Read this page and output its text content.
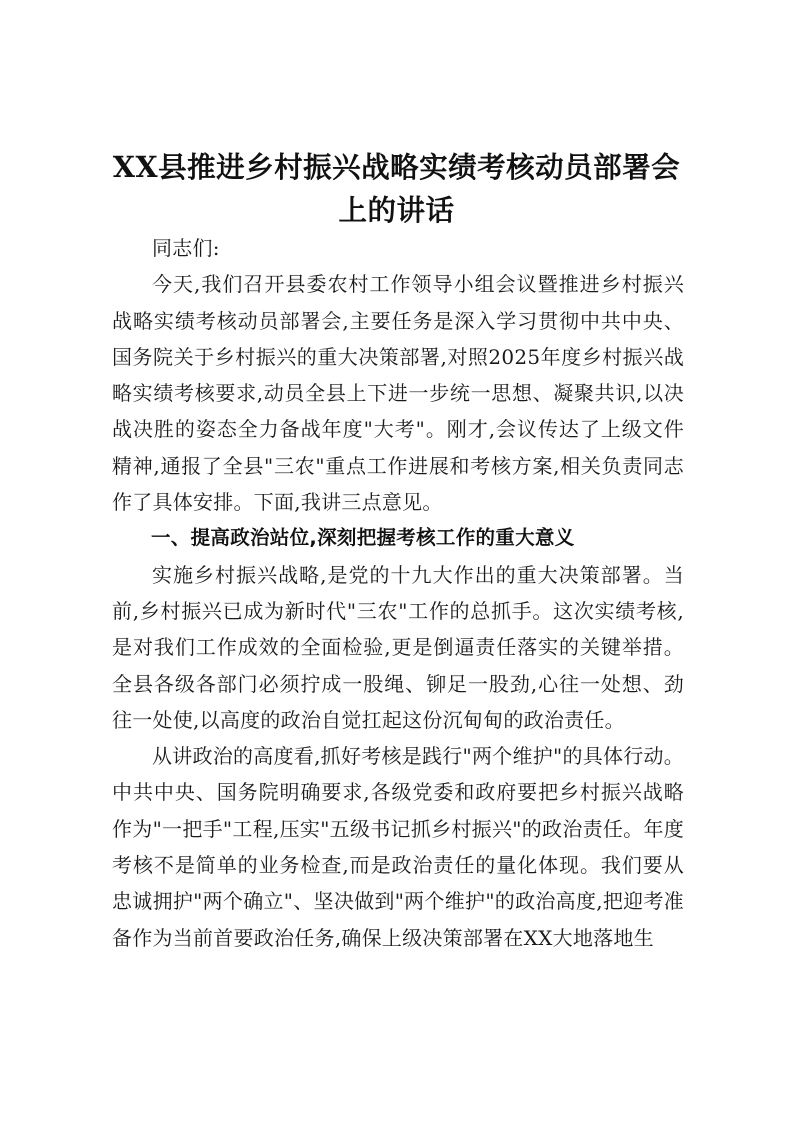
XX县推进乡村振兴战略实绩考核动员部署会上的讲话

同志们:

今天,我们召开县委农村工作领导小组会议暨推进乡村振兴战略实绩考核动员部署会,主要任务是深入学习贯彻中共中央、国务院关于乡村振兴的重大决策部署,对照2025年度乡村振兴战略实绩考核要求,动员全县上下进一步统一思想、凝聚共识,以决战决胜的姿态全力备战年度"大考"。刚才,会议传达了上级文件精神,通报了全县"三农"重点工作进展和考核方案,相关负责同志作了具体安排。下面,我讲三点意见。

一、提高政治站位,深刻把握考核工作的重大意义

实施乡村振兴战略,是党的十九大作出的重大决策部署。当前,乡村振兴已成为新时代"三农"工作的总抓手。这次实绩考核,是对我们工作成效的全面检验,更是倒逼责任落实的关键举措。全县各级各部门必须拧成一股绳、铆足一股劲,心往一处想、劲往一处使,以高度的政治自觉扛起这份沉甸甸的政治责任。

从讲政治的高度看,抓好考核是践行"两个维护"的具体行动。中共中央、国务院明确要求,各级党委和政府要把乡村振兴战略作为"一把手"工程,压实"五级书记抓乡村振兴"的政治责任。年度考核不是简单的业务检查,而是政治责任的量化体现。我们要从忠诚拥护"两个确立"、坚决做到"两个维护"的政治高度,把迎考准备作为当前首要政治任务,确保上级决策部署在XX大地落地生
